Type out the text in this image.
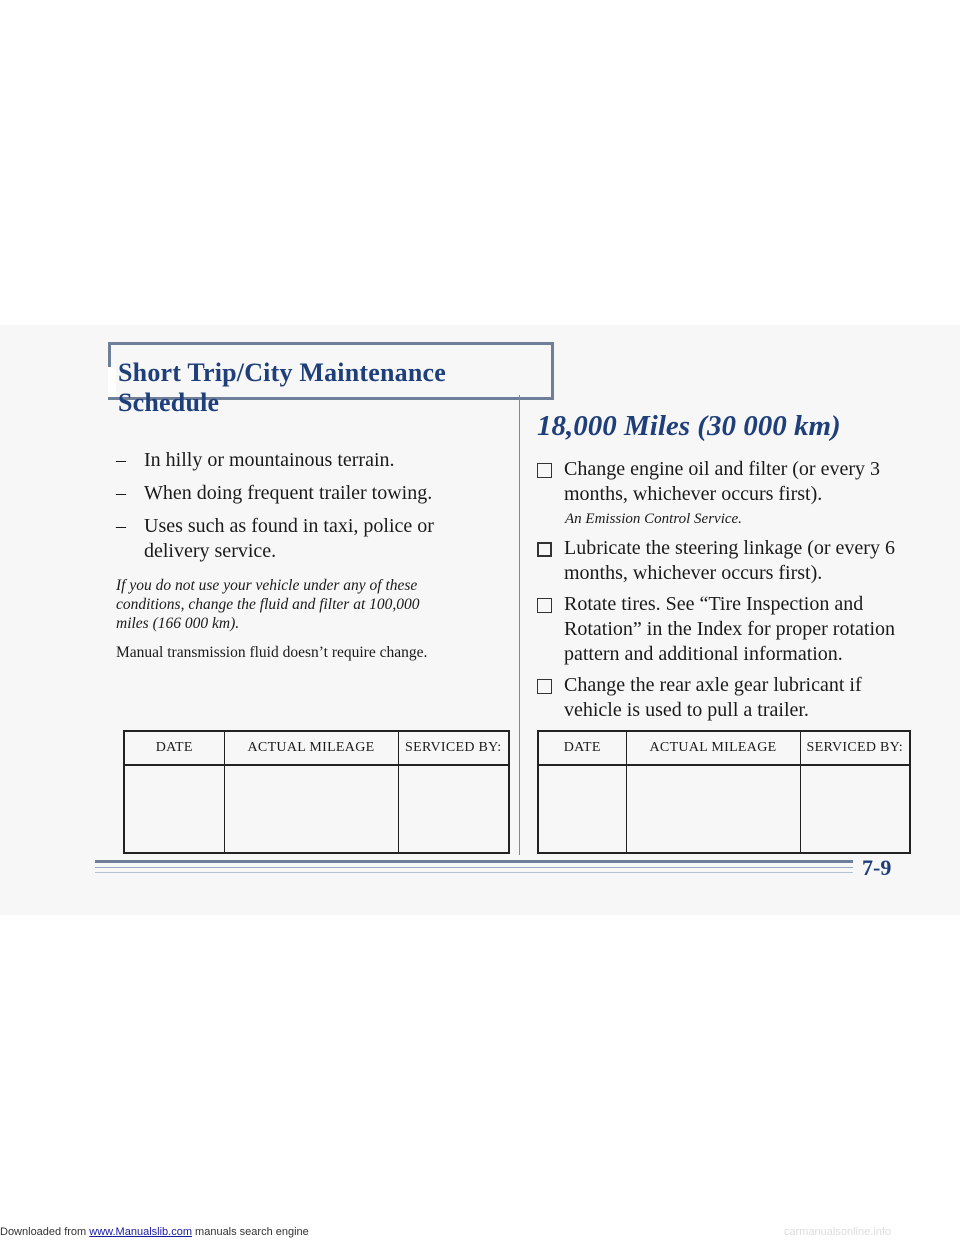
Short Trip/City Maintenance Schedule
– In hilly or mountainous terrain.
– When doing frequent trailer towing.
– Uses such as found in taxi, police or delivery service.
If you do not use your vehicle under any of these conditions, change the fluid and filter at 100,000 miles (166 000 km).
Manual transmission fluid doesn’t require change.
18,000 Miles (30 000 km)
Change engine oil and filter (or every 3 months, whichever occurs first).
An Emission Control Service.
Lubricate the steering linkage (or every 6 months, whichever occurs first).
Rotate tires. See “Tire Inspection and Rotation” in the Index for proper rotation pattern and additional information.
Change the rear axle gear lubricant if vehicle is used to pull a trailer.
DATE	ACTUAL MILEAGE	SERVICED BY:
			DATE	ACTUAL MILEAGE	SERVICED BY:

7-9
Downloaded from www.Manualslib.com manuals search engine	carmanualsonline.info
